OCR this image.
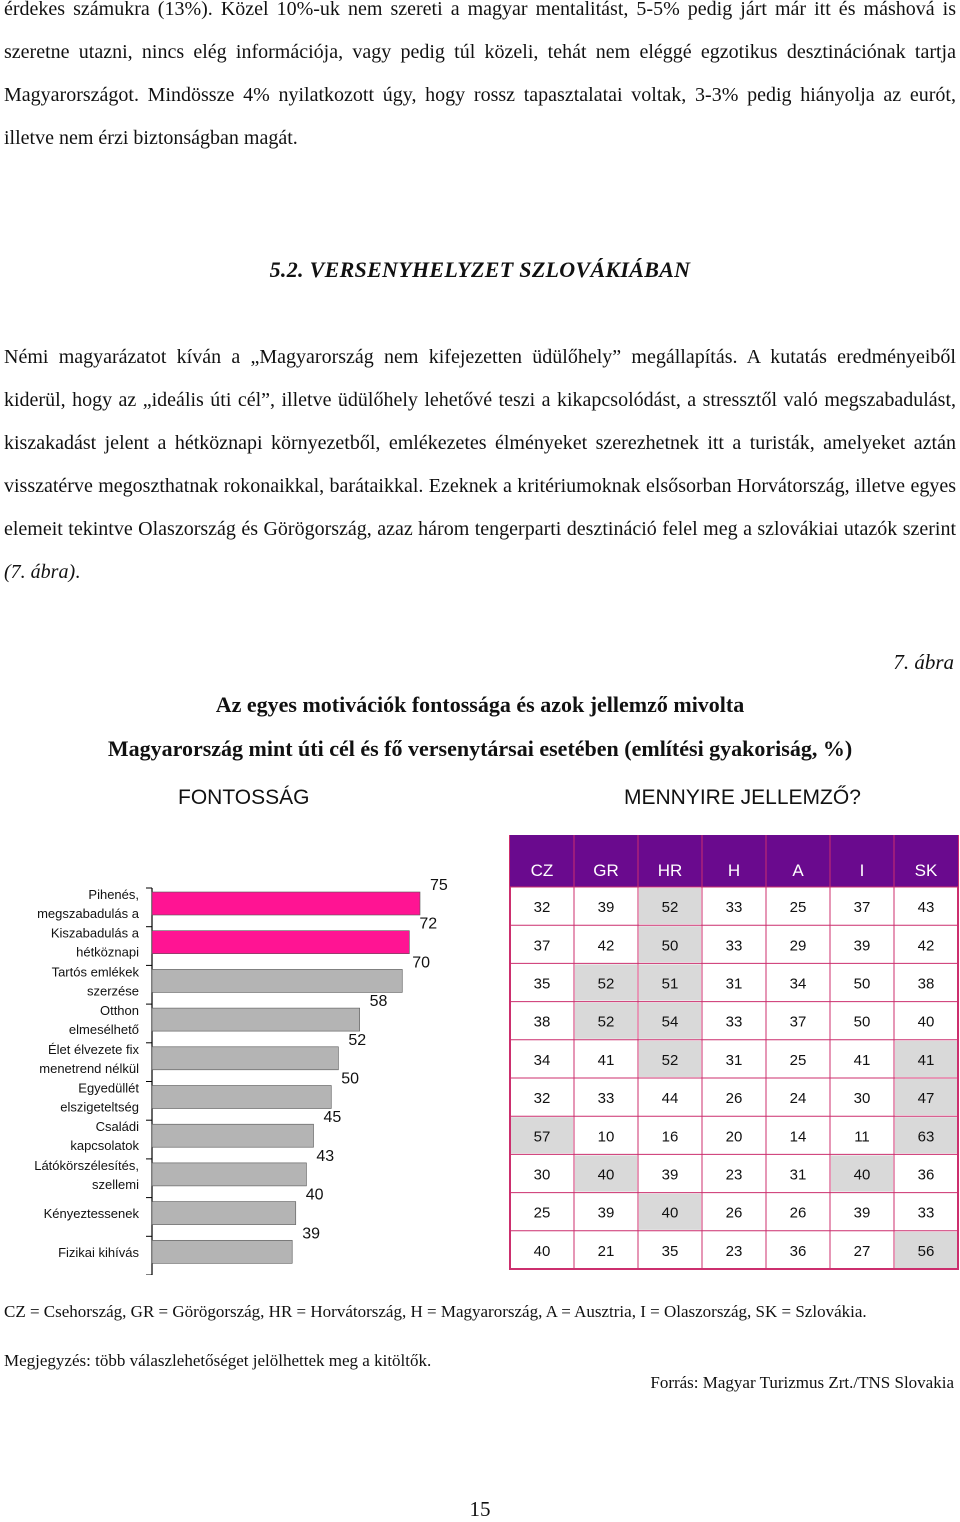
érdekes számukra (13%). Közel 10%-uk nem szereti a magyar mentalitást, 5-5% pedig járt már itt és máshová is szeretne utazni, nincs elég információja, vagy pedig túl közeli, tehát nem eléggé egzotikus desztinációnak tartja Magyarországot. Mindössze 4% nyilatkozott úgy, hogy rossz tapasztalatai voltak, 3-3% pedig hiányolja az eurót, illetve nem érzi biztonságban magát.

5.2. VERSENYHELYZET SZLOVÁKIÁBAN

Némi magyarázatot kíván a „Magyarország nem kifejezetten üdülőhely” megállapítás. A kutatás eredményeiből kiderül, hogy az „ideális úti cél”, illetve üdülőhely lehetővé teszi a kikapcsolódást, a stressztől való megszabadulást, kiszakadást jelent a hétköznapi környezetből, emlékezetes élményeket szerezhetnek itt a turisták, amelyeket aztán visszatérve megoszthatnak rokonaikkal, barátaikkal. Ezeknek a kritériumoknak elsősorban Horvátország, illetve egyes elemeit tekintve Olaszország és Görögország, azaz három tengerparti desztináció felel meg a szlovákiai utazók szerint (7. ábra).

7. ábra
Az egyes motivációk fontossága és azok jellemző mivolta
Magyarország mint úti cél és fő versenytársai esetében (említési gyakoriság, %)
FONTOSSÁG	MENNYIRE JELLEMZŐ?
75
Pihenés,
megszabadulás a
72
Kiszabadulás a
hétköznapi
70
Tartós emlékek
szerzése
58
Otthon
elmesélhető
52
Élet élvezete fix
menetrend nélkül
50
Egyedüllét
elszigeteltség
45
Családi
kapcsolatok
43
Látókörszélesítés,
szellemi
40
Kényeztessenek
39
Fizikai kihívás
32	39	52	33	25	37	43
37	42	50	33	29	39	42
35	52	51	31	34	50	38
38	52	54	33	37	50	40
34	41	52	31	25	41	41
32	33	44	26	24	30	47
57	10	16	20	14	11	63
30	40	39	23	31	40	36
25	39	40	26	26	39	33
40	21	35	23	36	27	56
CZ GR HR	H	A	I	SK
CZ = Csehország, GR = Görögország, HR = Horvátország, H = Magyarország, A = Ausztria, I = Olaszország, SK = Szlovákia.
Megjegyzés: több válaszlehetőséget jelölhettek meg a kitöltők.
Forrás: Magyar Turizmus Zrt./TNS Slovakia
15
